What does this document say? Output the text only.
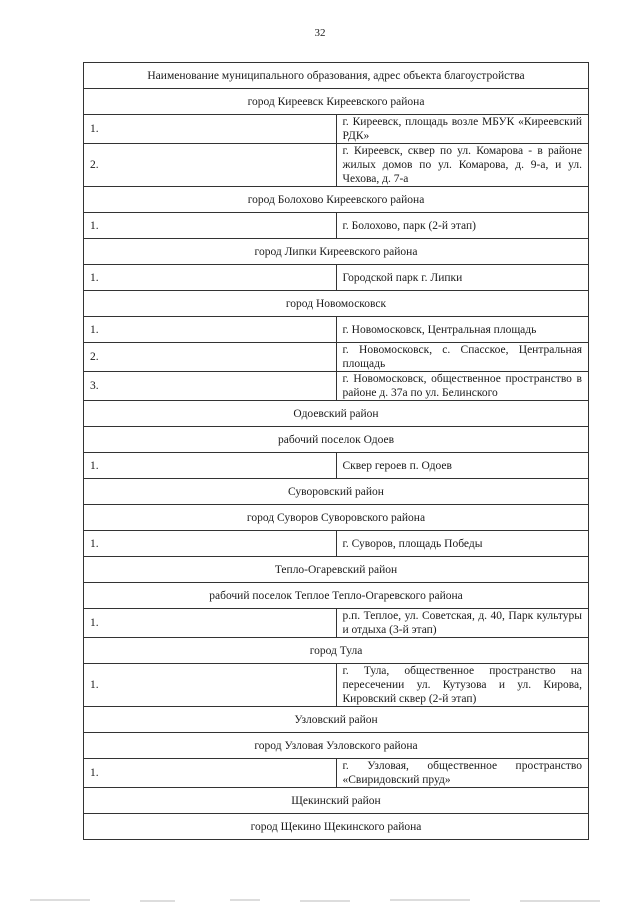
32
Наименование муниципального образования, адрес объекта благоустройства	
город Киреевск Киреевского района	
1.	г. Киреевск, площадь возле МБУК «Киреевский РДК»
2.	г. Киреевск, сквер по ул. Комарова - в районе жилых домов по ул. Комарова, д. 9-а, и ул. Чехова, д. 7-а
город Болохово Киреевского района	
1.	г. Болохово, парк (2-й этап)
город Липки Киреевского района	
1.	Городской парк г. Липки
город Новомосковск	
1.	г. Новомосковск, Центральная площадь
2.	г. Новомосковск, с. Спасское, Центральная площадь
3.	г. Новомосковск, общественное пространство в районе д. 37а по ул. Белинского
Одоевский район	
рабочий поселок Одоев	
1.	Сквер героев п. Одоев
Суворовский район	
город Суворов Суворовского района	
1.	г. Суворов, площадь Победы
Тепло-Огаревский район	
рабочий поселок Теплое Тепло-Огаревского района	
1.	р.п. Теплое, ул. Советская, д. 40, Парк культуры и отдыха (3-й этап)
город Тула	
1.	г. Тула, общественное пространство на пересечении ул. Кутузова и ул. Кирова, Кировский сквер (2-й этап)
Узловский район	
город Узловая Узловского района	
1.	г. Узловая, общественное пространство «Свиридовский пруд»
Щекинский район	
город Щекино Щекинского района	
